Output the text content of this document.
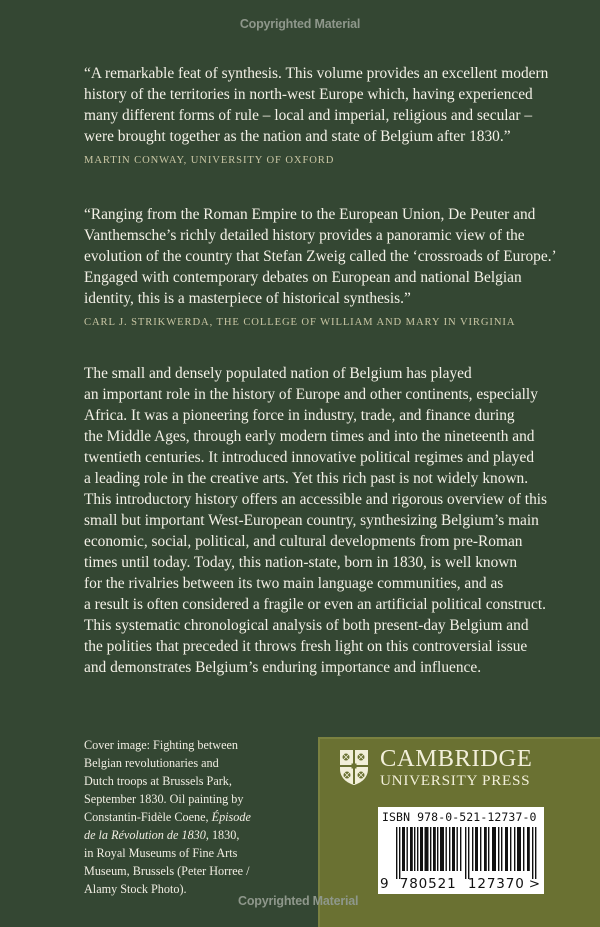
Copyrighted Material
“A remarkable feat of synthesis. This volume provides an excellent modern
history of the territories in north-west Europe which, having experienced
many different forms of rule – local and imperial, religious and secular –
were brought together as the nation and state of Belgium after 1830.”
MARTIN CONWAY, UNIVERSITY OF OXFORD
“Ranging from the Roman Empire to the European Union, De Peuter and
Vanthemsche’s richly detailed history provides a panoramic view of the
evolution of the country that Stefan Zweig called the ‘crossroads of Europe.’
Engaged with contemporary debates on European and national Belgian
identity, this is a masterpiece of historical synthesis.”
CARL J. STRIKWERDA, THE COLLEGE OF WILLIAM AND MARY IN VIRGINIA
The small and densely populated nation of Belgium has played
an important role in the history of Europe and other continents, especially
Africa. It was a pioneering force in industry, trade, and finance during
the Middle Ages, through early modern times and into the nineteenth and
twentieth centuries. It introduced innovative political regimes and played
a leading role in the creative arts. Yet this rich past is not widely known.
This introductory history offers an accessible and rigorous overview of this
small but important West-European country, synthesizing Belgium’s main
economic, social, political, and cultural developments from pre-Roman
times until today. Today, this nation-state, born in 1830, is well known
for the rivalries between its two main language communities, and as
a result is often considered a fragile or even an artificial political construct.
This systematic chronological analysis of both present-day Belgium and
the polities that preceded it throws fresh light on this controversial issue
and demonstrates Belgium’s enduring importance and influence.
Cover image: Fighting between
Belgian revolutionaries and
Dutch troops at Brussels Park,
September 1830. Oil painting by
Constantin-Fidèle Coene, Épisode
de la Révolution de 1830, 1830,
in Royal Museums of Fine Arts
Museum, Brussels (Peter Horree /
Alamy Stock Photo).
CAMBRIDGE
UNIVERSITY PRESS
ISBN 978-0-521-12737-0
9 780521 127370 >
Copyrighted Material
